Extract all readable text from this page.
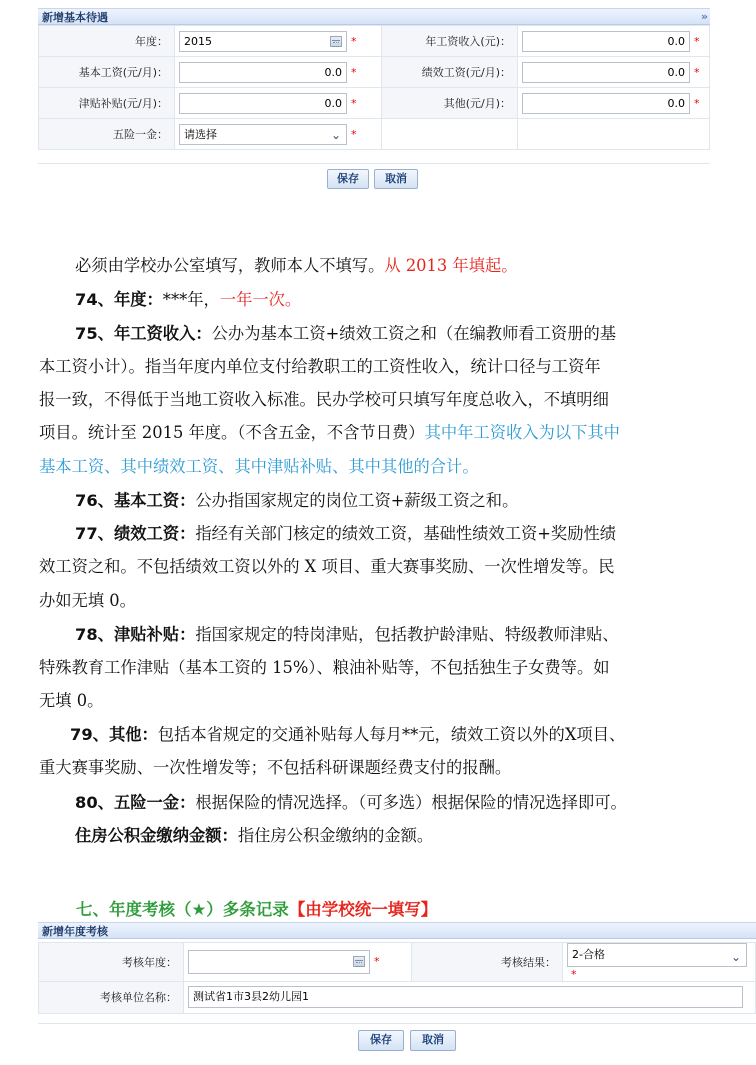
新增基本待遇	»
年度：	2015 *	年工资收入(元)：	0.0 *
基本工资(元/月)：	0.0 *	绩效工资(元/月)：	0.0 *
津贴补贴(元/月)：	0.0 *	其他(元/月)：	0.0 *
五险一金：	请选择 ⌄ *		
保存	取消
必须由学校办公室填写，教师本人不填写。从 2013 年填起。
74、年度：***年，一年一次。
75、年工资收入：公办为基本工资+绩效工资之和（在编教师看工资册的基
本工资小计）。指当年度内单位支付给教职工的工资性收入，统计口径与工资年
报一致，不得低于当地工资收入标准。民办学校可只填写年度总收入，不填明细
项目。统计至 2015 年度。（不含五金，不含节日费）其中年工资收入为以下其中
基本工资、其中绩效工资、其中津贴补贴、其中其他的合计。
76、基本工资：公办指国家规定的岗位工资+薪级工资之和。
77、绩效工资：指经有关部门核定的绩效工资，基础性绩效工资+奖励性绩
效工资之和。不包括绩效工资以外的 X 项目、重大赛事奖励、一次性增发等。民
办如无填 0。
78、津贴补贴：指国家规定的特岗津贴，包括教护龄津贴、特级教师津贴、
特殊教育工作津贴（基本工资的 15%）、粮油补贴等，不包括独生子女费等。如
无填 0。
79、其他：包括本省规定的交通补贴每人每月**元，绩效工资以外的X项目、
重大赛事奖励、一次性增发等；不包括科研课题经费支付的报酬。
80、五险一金：根据保险的情况选择。（可多选）根据保险的情况选择即可。
住房公积金缴纳金额：指住房公积金缴纳的金额。
七、年度考核（★）多条记录【由学校统一填写】
新增年度考核
考核年度：	*	考核结果：	2-合格 ⌄
*
考核单位名称：	测试省1市3县2幼儿园1		
保存	取消
